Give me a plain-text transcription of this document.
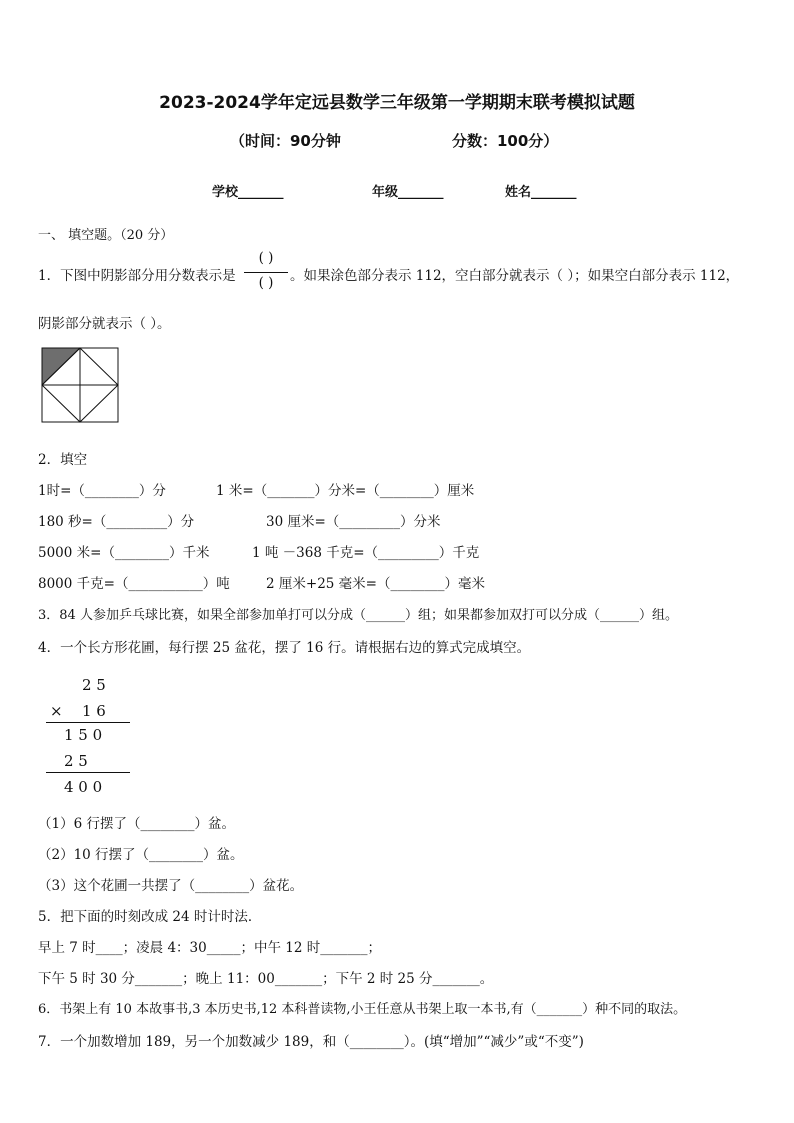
2023-2024学年定远县数学三年级第一学期期末联考模拟试题
（时间：90分钟	分数：100分）
学校_______	年级_______	姓名_______
一、 填空题。（20 分）
1．下图中阴影部分用分数表示是
( )
( )	。如果涂色部分表示 112，空白部分就表示（ ）；如果空白部分表示 112，
阴影部分就表示（ ）。
2．填空
1时=（________）分	1 米=（_______）分米=（________）厘米
180 秒=（_________）分	30 厘米=（_________）分米
5000 米=（________）千米	1 吨 －368 千克=（_________）千克
8000 千克=（___________）吨	2 厘米+25 毫米=（________）毫米
3．84 人参加乒乓球比赛，如果全部参加单打可以分成（______）组；如果都参加双打可以分成（______）组。
4．一个长方形花圃，每行摆 25 盆花，摆了 16 行。请根据右边的算式完成填空。
2 5
× 1 6
1 5 0
2 5
4 0 0
（1）6 行摆了（________）盆。
（2）10 行摆了（________）盆。
（3）这个花圃一共摆了（________）盆花。
5．把下面的时刻改成 24 时计时法．
早上 7 时____；凌晨 4：30_____；中午 12 时_______；
下午 5 时 30 分_______；晚上 11：00_______；下午 2 时 25 分_______。
6．书架上有 10 本故事书,3 本历史书,12 本科普读物,小王任意从书架上取一本书,有（_______）种不同的取法。
7．一个加数增加 189，另一个加数减少 189，和（________）。(填“增加”“减少”或“不变”)
